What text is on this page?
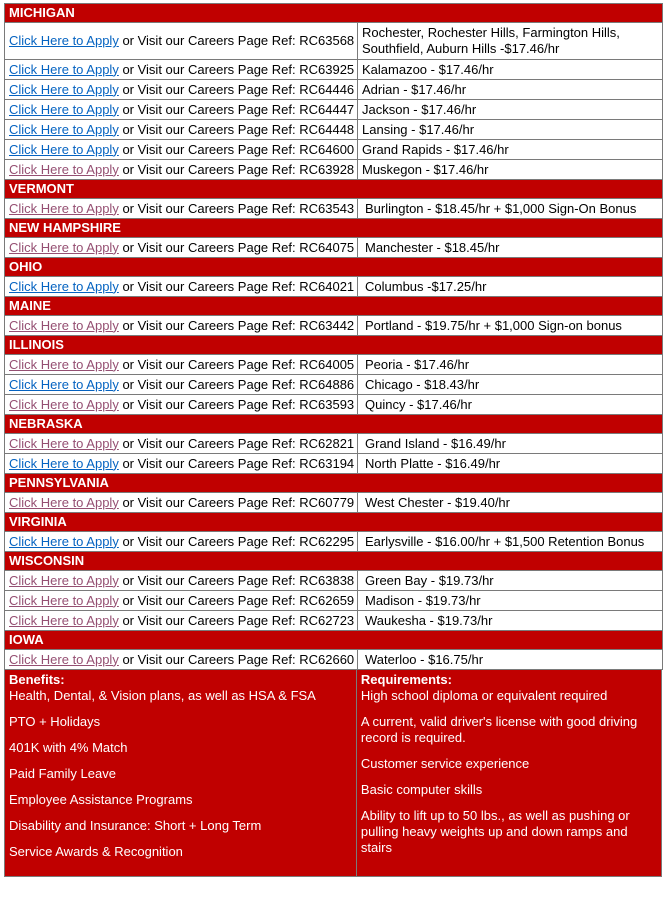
MICHIGAN	
Click Here to Apply or Visit our Careers Page Ref: RC63568	Rochester, Rochester Hills, Farmington Hills, Southfield, Auburn Hills -$17.46/hr
Click Here to Apply or Visit our Careers Page Ref: RC63925	Kalamazoo - $17.46/hr
Click Here to Apply or Visit our Careers Page Ref: RC64446	Adrian - $17.46/hr
Click Here to Apply or Visit our Careers Page Ref: RC64447	Jackson - $17.46/hr
Click Here to Apply or Visit our Careers Page Ref: RC64448	Lansing - $17.46/hr
Click Here to Apply or Visit our Careers Page Ref: RC64600	Grand Rapids - $17.46/hr
Click Here to Apply or Visit our Careers Page Ref: RC63928	Muskegon - $17.46/hr
VERMONT	
Click Here to Apply or Visit our Careers Page Ref: RC63543	Burlington - $18.45/hr + $1,000 Sign-On Bonus
NEW HAMPSHIRE	
Click Here to Apply or Visit our Careers Page Ref: RC64075	Manchester - $18.45/hr
OHIO	
Click Here to Apply or Visit our Careers Page Ref: RC64021	Columbus -$17.25/hr
MAINE	
Click Here to Apply or Visit our Careers Page Ref: RC63442	Portland - $19.75/hr + $1,000 Sign-on bonus
ILLINOIS	
Click Here to Apply or Visit our Careers Page Ref: RC64005	Peoria - $17.46/hr
Click Here to Apply or Visit our Careers Page Ref: RC64886	Chicago - $18.43/hr
Click Here to Apply or Visit our Careers Page Ref: RC63593	Quincy - $17.46/hr
NEBRASKA	
Click Here to Apply or Visit our Careers Page Ref: RC62821	Grand Island - $16.49/hr
Click Here to Apply or Visit our Careers Page Ref: RC63194	North Platte - $16.49/hr
PENNSYLVANIA	
Click Here to Apply or Visit our Careers Page Ref: RC60779	West Chester - $19.40/hr
VIRGINIA	
Click Here to Apply or Visit our Careers Page Ref: RC62295	Earlysville - $16.00/hr + $1,500 Retention Bonus
WISCONSIN	
Click Here to Apply or Visit our Careers Page Ref: RC63838	Green Bay - $19.73/hr
Click Here to Apply or Visit our Careers Page Ref: RC62659	Madison - $19.73/hr
Click Here to Apply or Visit our Careers Page Ref: RC62723	Waukesha - $19.73/hr
IOWA	
Click Here to Apply or Visit our Careers Page Ref: RC62660	Waterloo - $16.75/hr
Benefits:
Health, Dental, & Vision plans, as well as HSA & FSA
PTO + Holidays
401K with 4% Match
Paid Family Leave
Employee Assistance Programs
Disability and Insurance: Short + Long Term
Service Awards & Recognition
Requirements:
High school diploma or equivalent required
A current, valid driver's license with good driving record is required.
Customer service experience
Basic computer skills
Ability to lift up to 50 lbs., as well as pushing or pulling heavy weights up and down ramps and stairs
